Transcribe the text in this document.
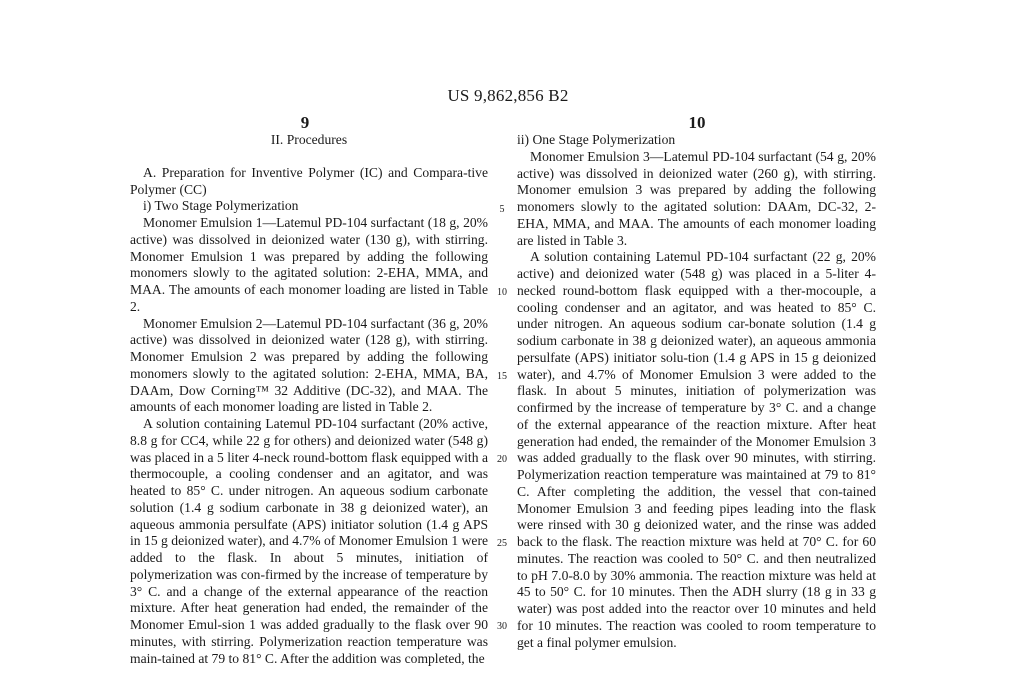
US 9,862,856 B2
9	10
5
10
15
20
25
30

II. Procedures

A. Preparation for Inventive Polymer (IC) and Compara-tive Polymer (CC)

i) Two Stage Polymerization

Monomer Emulsion 1—Latemul PD-104 surfactant (18 g, 20% active) was dissolved in deionized water (130 g), with stirring. Monomer Emulsion 1 was prepared by adding the following monomers slowly to the agitated solution: 2-EHA, MMA, and MAA. The amounts of each monomer loading are listed in Table 2.

Monomer Emulsion 2—Latemul PD-104 surfactant (36 g, 20% active) was dissolved in deionized water (128 g), with stirring. Monomer Emulsion 2 was prepared by adding the following monomers slowly to the agitated solution: 2-EHA, MMA, BA, DAAm, Dow Corning™ 32 Additive (DC-32), and MAA. The amounts of each monomer loading are listed in Table 2.

A solution containing Latemul PD-104 surfactant (20% active, 8.8 g for CC4, while 22 g for others) and deionized water (548 g) was placed in a 5 liter 4-neck round-bottom flask equipped with a thermocouple, a cooling condenser and an agitator, and was heated to 85° C. under nitrogen. An aqueous sodium carbonate solution (1.4 g sodium carbonate in 38 g deionized water), an aqueous ammonia persulfate (APS) initiator solution (1.4 g APS in 15 g deionized water), and 4.7% of Monomer Emulsion 1 were added to the flask. In about 5 minutes, initiation of polymerization was con-firmed by the increase of temperature by 3° C. and a change of the external appearance of the reaction mixture. After heat generation had ended, the remainder of the Monomer Emul-sion 1 was added gradually to the flask over 90 minutes, with stirring. Polymerization reaction temperature was main-tained at 79 to 81° C. After the addition was completed, the

ii) One Stage Polymerization

Monomer Emulsion 3—Latemul PD-104 surfactant (54 g, 20% active) was dissolved in deionized water (260 g), with stirring. Monomer emulsion 3 was prepared by adding the following monomers slowly to the agitated solution: DAAm, DC-32, 2-EHA, MMA, and MAA. The amounts of each monomer loading are listed in Table 3.

A solution containing Latemul PD-104 surfactant (22 g, 20% active) and deionized water (548 g) was placed in a 5-liter 4-necked round-bottom flask equipped with a ther-mocouple, a cooling condenser and an agitator, and was heated to 85° C. under nitrogen. An aqueous sodium car-bonate solution (1.4 g sodium carbonate in 38 g deionized water), an aqueous ammonia persulfate (APS) initiator solu-tion (1.4 g APS in 15 g deionized water), and 4.7% of Monomer Emulsion 3 were added to the flask. In about 5 minutes, initiation of polymerization was confirmed by the increase of temperature by 3° C. and a change of the external appearance of the reaction mixture. After heat generation had ended, the remainder of the Monomer Emulsion 3 was added gradually to the flask over 90 minutes, with stirring. Polymerization reaction temperature was maintained at 79 to 81° C. After completing the addition, the vessel that con-tained Monomer Emulsion 3 and feeding pipes leading into the flask were rinsed with 30 g deionized water, and the rinse was added back to the flask. The reaction mixture was held at 70° C. for 60 minutes. The reaction was cooled to 50° C. and then neutralized to pH 7.0-8.0 by 30% ammonia. The reaction mixture was held at 45 to 50° C. for 10 minutes. Then the ADH slurry (18 g in 33 g water) was post added into the reactor over 10 minutes and held for 10 minutes. The reaction was cooled to room temperature to get a final polymer emulsion.
